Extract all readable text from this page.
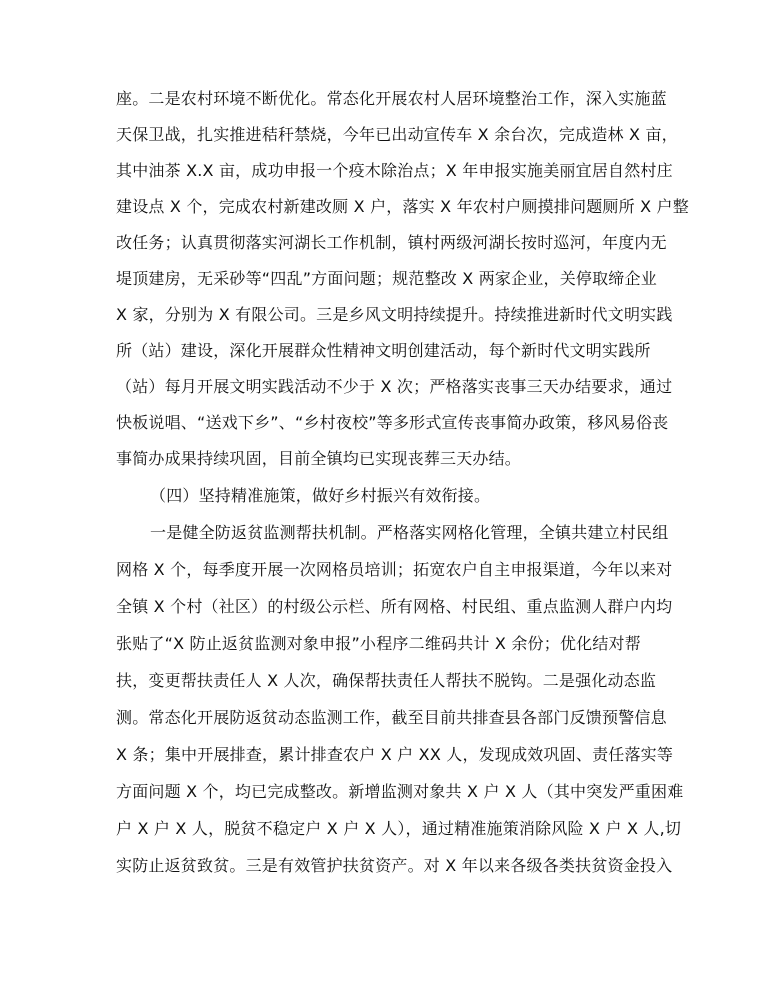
座。二是农村环境不断优化。常态化开展农村人居环境整治工作，深入实施蓝
天保卫战，扎实推进秸秆禁烧，今年已出动宣传车 X 余台次，完成造林 X 亩，
其中油茶 X.X 亩，成功申报一个疫木除治点；X 年申报实施美丽宜居自然村庄
建设点 X 个，完成农村新建改厕 X 户，落实 X 年农村户厕摸排问题厕所 X 户整
改任务；认真贯彻落实河湖长工作机制，镇村两级河湖长按时巡河，年度内无
堤顶建房，无采砂等“四乱”方面问题；规范整改 X 两家企业，关停取缔企业
X 家，分别为 X 有限公司。三是乡风文明持续提升。持续推进新时代文明实践
所（站）建设，深化开展群众性精神文明创建活动，每个新时代文明实践所
（站）每月开展文明实践活动不少于 X 次；严格落实丧事三天办结要求，通过
快板说唱、“送戏下乡”、“乡村夜校”等多形式宣传丧事简办政策，移风易俗丧
事简办成果持续巩固，目前全镇均已实现丧葬三天办结。
（四）坚持精准施策，做好乡村振兴有效衔接。
一是健全防返贫监测帮扶机制。严格落实网格化管理，全镇共建立村民组
网格 X 个，每季度开展一次网格员培训；拓宽农户自主申报渠道，今年以来对
全镇 X 个村（社区）的村级公示栏、所有网格、村民组、重点监测人群户内均
张贴了“X 防止返贫监测对象申报”小程序二维码共计 X 余份；优化结对帮
扶，变更帮扶责任人 X 人次，确保帮扶责任人帮扶不脱钩。二是强化动态监
测。常态化开展防返贫动态监测工作，截至目前共排查县各部门反馈预警信息
X 条；集中开展排查，累计排查农户 X 户 XX 人，发现成效巩固、责任落实等
方面问题 X 个，均已完成整改。新增监测对象共 X 户 X 人（其中突发严重困难
户 X 户 X 人，脱贫不稳定户 X 户 X 人），通过精准施策消除风险 X 户 X 人,切
实防止返贫致贫。三是有效管护扶贫资产。对 X 年以来各级各类扶贫资金投入
